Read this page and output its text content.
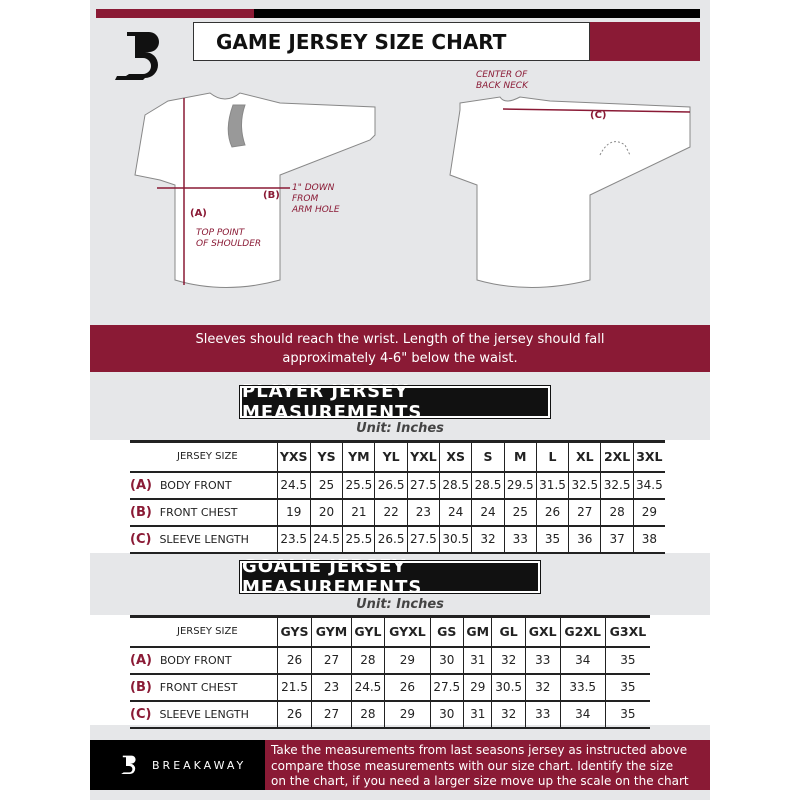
GAME JERSEY SIZE CHART
CENTER OF
BACK NECK
(C)
(B)
(A)
1" DOWN
FROM
ARM HOLE
TOP POINT
OF SHOULDER
Sleeves should reach the wrist. Length of the jersey should fall
approximately 4-6" below the waist.
PLAYER JERSEY MEASUREMENTS
Unit: Inches
JERSEY SIZE	YXS	YS	YM	YL	YXL	XS	S	M	L	XL	2XL	3XL
(A) BODY FRONT	24.5	25	25.5	26.5	27.5	28.5	28.5	29.5	31.5	32.5	32.5	34.5
(B) FRONT CHEST	19	20	21	22	23	24	24	25	26	27	28	29
(C) SLEEVE LENGTH	23.5	24.5	25.5	26.5	27.5	30.5	32	33	35	36	37	38
GOALIE JERSEY MEASUREMENTS
Unit: Inches
JERSEY SIZE	GYS	GYM	GYL	GYXL	GS	GM	GL	GXL	G2XL	G3XL
(A) BODY FRONT	26	27	28	29	30	31	32	33	34	35
(B) FRONT CHEST	21.5	23	24.5	26	27.5	29	30.5	32	33.5	35
(C) SLEEVE LENGTH	26	27	28	29	30	31	32	33	34	35
BREAKAWAY
Take the measurements from last seasons jersey as instructed above
compare those measurements with our size chart. Identify the size
on the chart, if you need a larger size move up the scale on the chart
